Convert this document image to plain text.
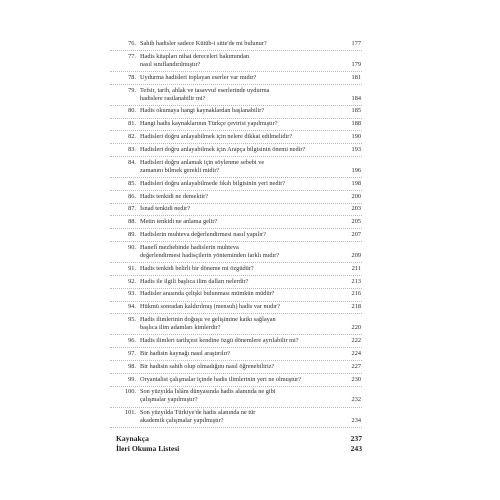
76. Sahih hadisler sadece Kütüb-i sitte'de mi bulunur?	177
77. Hadis kitapları nihai dereceleri bakımından
nasıl sınıflandırılmıştır?	179
78. Uydurma hadisleri toplayan eserler var mıdır?	181
79. Tefsir, tarih, ahlak ve tasavvuf eserlerinde uydurma
hadislere rastlanabilir mi?	184
80. Hadis okumaya hangi kaynaklardan başlanabilir?	185
81. Hangi hadis kaynaklarının Türkçe çevirisi yapılmıştır?	188
82. Hadisleri doğru anlayabilmek için nelere dikkat edilmelidir?	190
83. Hadisleri doğru anlayabilmek için Arapça bilgisinin önemi nedir?	193
84. Hadisleri doğru anlamak için söylenme sebebi ve
zamanını bilmek gerekli midir?	196
85. Hadisleri doğru anlayabilmede fıkıh bilgisinin yeri nedir?	198
86. Hadis tenkidi ne demektir?	200
87. İsnad tenkidi nedir?	203
88. Metin tenkidi ne anlama gelir?	205
89. Hadislerin muhteva değerlendirmesi nasıl yapılır?	207
90. Hanefî mezhebinde hadislerin muhteva
değerlendirmesi hadisçilerin yönteminden farklı mıdır?	209
91. Hadis tenkidi belirli bir döneme mi özgüdür?	211
92. Hadis ile ilgili başlıca ilim dalları nelerdir?	213
93. Hadisler arasında çelişki bulunması mümkün müdür?	216
94. Hükmü sonradan kaldırılmış (mensuh) hadis var mıdır?	218
95. Hadis ilimlerinin doğuşu ve gelişimine katkı sağlayan
başlıca ilim adamları kimlerdir?	220
96. Hadis ilimleri tarihçesi kendine özgü dönemlere ayrılabilir mi?	222
97. Bir hadisin kaynağı nasıl araştırılır?	224
98. Bir hadisin sahih olup olmadığını nasıl öğrenebiliriz?	227
99. Oryantalist çalışmalar içinde hadis ilimlerinin yeri ne olmuştur?	230
100. Son yüzyılda İslâm dünyasında hadis alanında ne gibi
çalışmalar yapılmıştır?	232
101. Son yüzyılda Türkiye'de hadis alanında ne tür
akademik çalışmalar yapılmıştır?	234
Kaynakça	237
İleri Okuma Listesi	243
